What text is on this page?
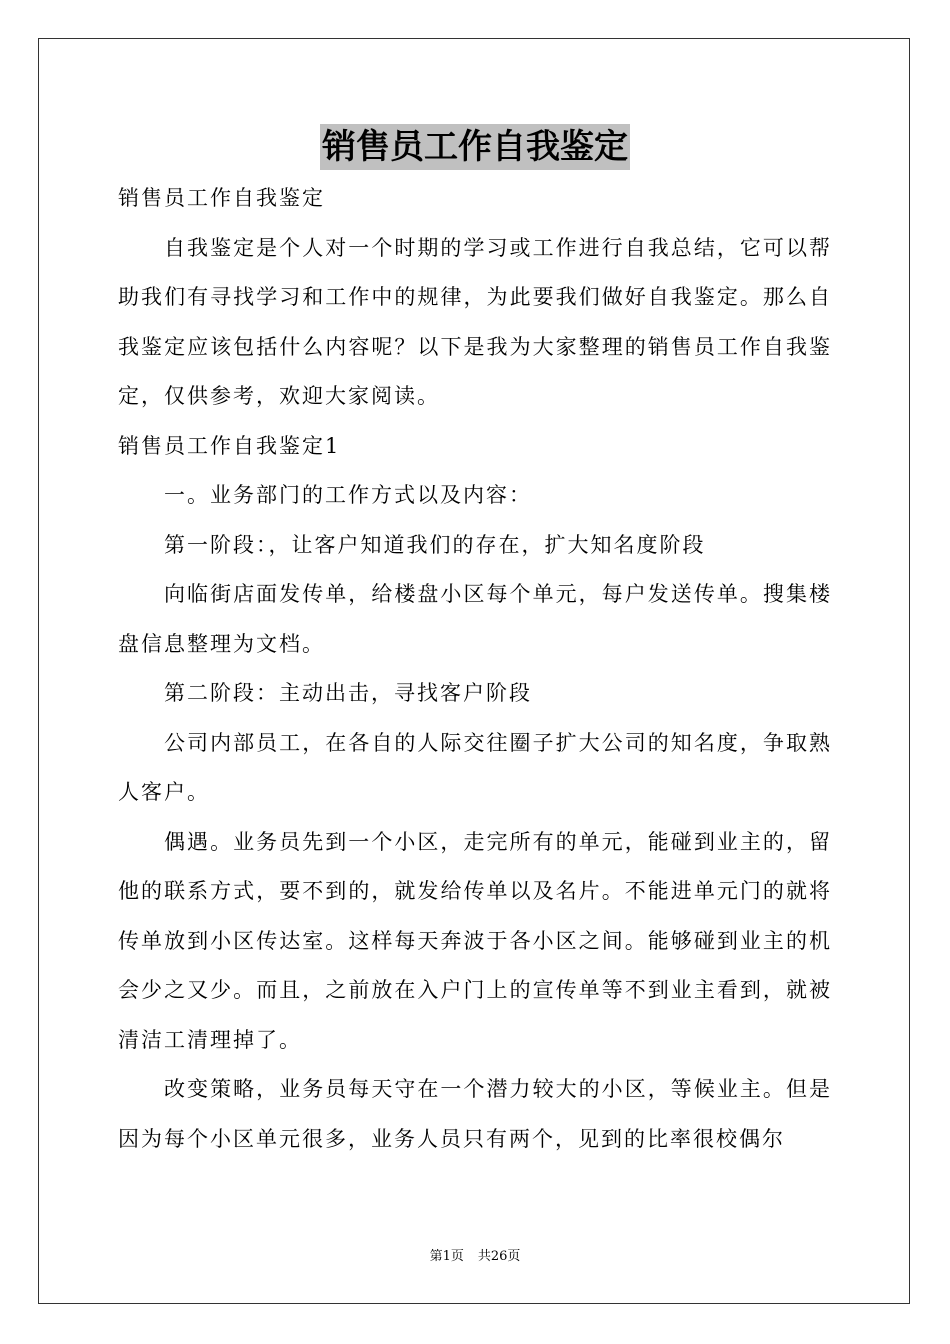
销售员工作自我鉴定

销售员工作自我鉴定

自我鉴定是个人对一个时期的学习或工作进行自我总结，它可以帮助我们有寻找学习和工作中的规律，为此要我们做好自我鉴定。那么自我鉴定应该包括什么内容呢？以下是我为大家整理的销售员工作自我鉴定，仅供参考，欢迎大家阅读。

销售员工作自我鉴定1

一。业务部门的工作方式以及内容：

第一阶段：，让客户知道我们的存在，扩大知名度阶段

向临街店面发传单，给楼盘小区每个单元，每户发送传单。搜集楼盘信息整理为文档。

第二阶段：主动出击，寻找客户阶段

公司内部员工，在各自的人际交往圈子扩大公司的知名度，争取熟人客户。

偶遇。业务员先到一个小区，走完所有的单元，能碰到业主的，留他的联系方式，要不到的，就发给传单以及名片。不能进单元门的就将传单放到小区传达室。这样每天奔波于各小区之间。能够碰到业主的机会少之又少。而且，之前放在入户门上的宣传单等不到业主看到，就被清洁工清理掉了。

改变策略，业务员每天守在一个潜力较大的小区，等候业主。但是因为每个小区单元很多，业务人员只有两个，见到的比率很校偶尔

第1页 共26页
